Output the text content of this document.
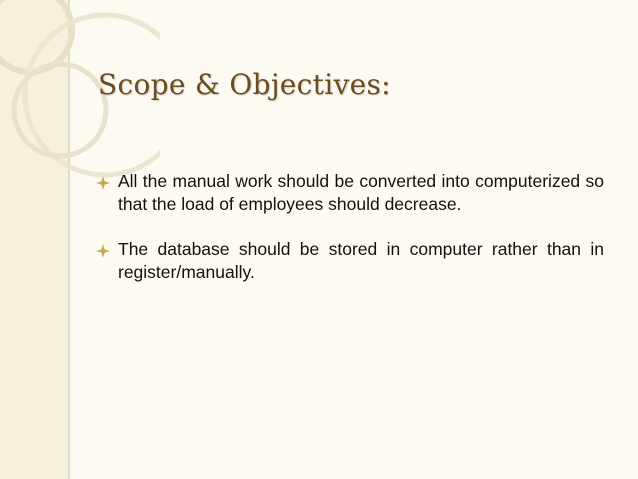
Scope & Objectives:
All the manual work should be converted into computerized so that the load of employees should decrease.
The database should be stored in computer rather than in register/manually.
